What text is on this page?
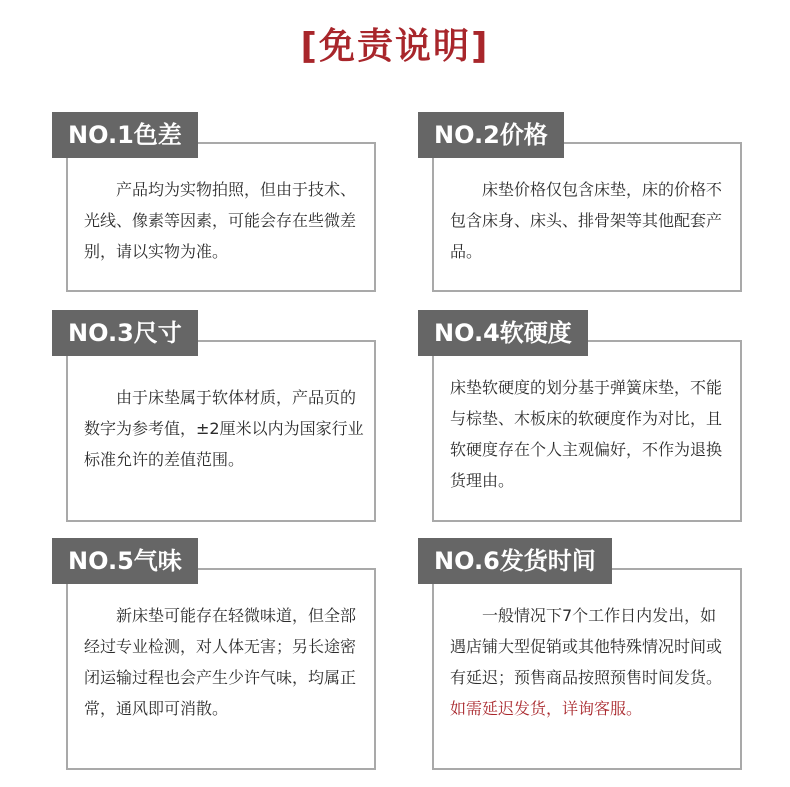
[免责说明]
NO.1色差
产品均为实物拍照，但由于技术、光线、像素等因素，可能会存在些微差别，请以实物为准。
NO.2价格
床垫价格仅包含床垫，床的价格不包含床身、床头、排骨架等其他配套产品。
NO.3尺寸
由于床垫属于软体材质，产品页的数字为参考值，±2厘米以内为国家行业标准允许的差值范围。
NO.4软硬度
床垫软硬度的划分基于弹簧床垫，不能与棕垫、木板床的软硬度作为对比，且软硬度存在个人主观偏好，不作为退换货理由。
NO.5气味
新床垫可能存在轻微味道，但全部经过专业检测，对人体无害；另长途密闭运输过程也会产生少许气味，均属正常，通风即可消散。
NO.6发货时间
一般情况下7个工作日内发出，如遇店铺大型促销或其他特殊情况时间或有延迟；预售商品按照预售时间发货。如需延迟发货，详询客服。
